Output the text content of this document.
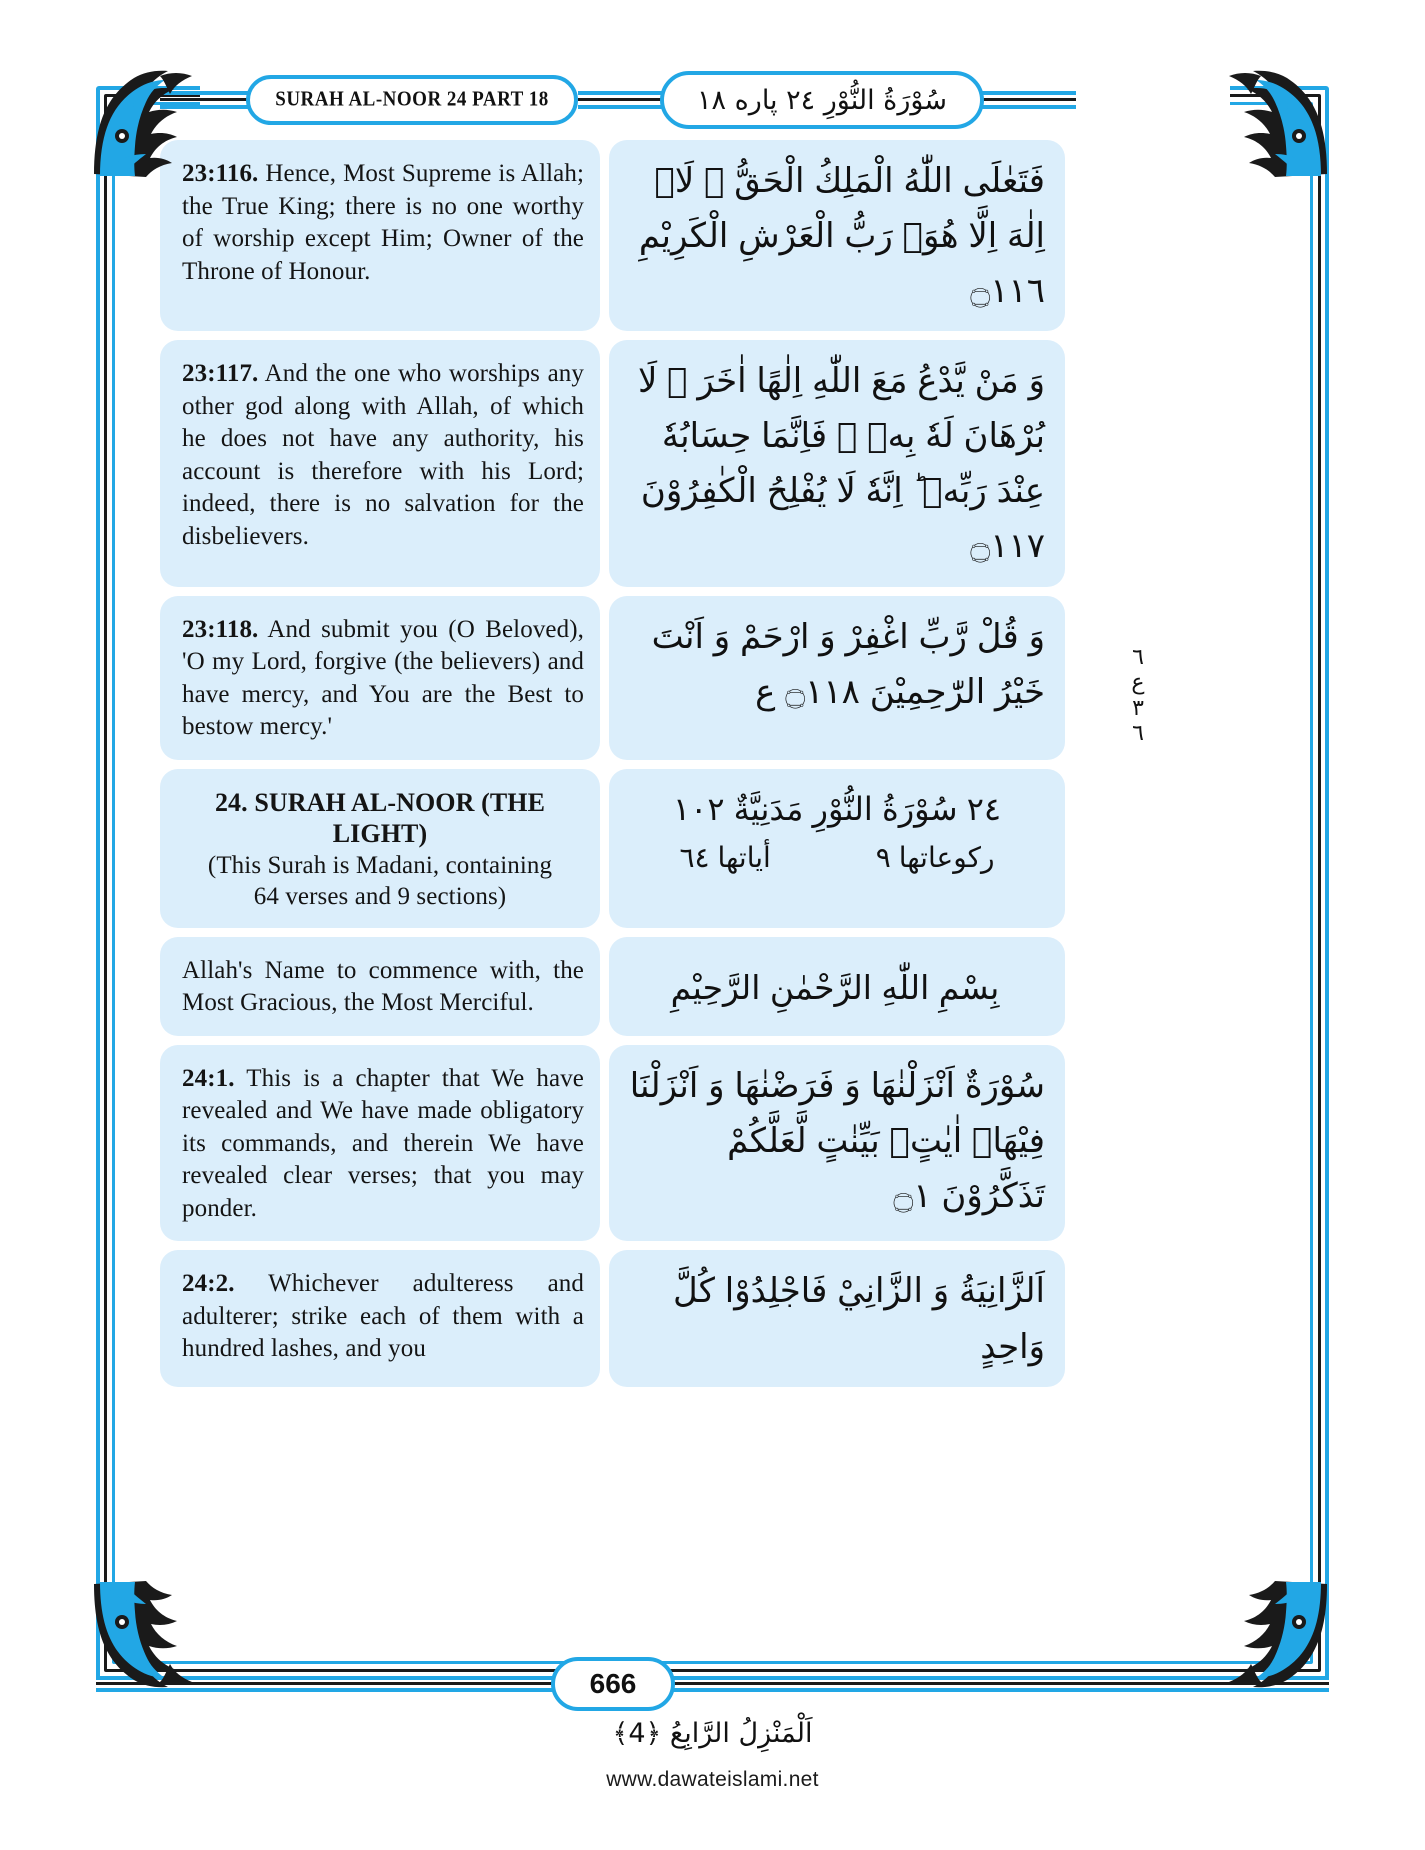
SURAH AL-NOOR 24 PART 18	سُوْرَةُ النُّوْرِ ٢٤ پاره ١٨
23:116. Hence, Most Supreme is Allah; the True King; there is no one worthy of worship except Him; Owner of the Throne of Honour.
فَتَعٰلَى اللّٰهُ الْمَلِكُ الْحَقُّ ۚ لَاۤ اِلٰهَ اِلَّا هُوَۚ رَبُّ الْعَرْشِ الْكَرِيْمِ ۝١١٦
23:117. And the one who worships any other god along with Allah, of which he does not have any authority, his account is therefore with his Lord; indeed, there is no salvation for the disbelievers.
وَ مَنْ يَّدْعُ مَعَ اللّٰهِ اِلٰهًا اٰخَرَ ۙ لَا بُرْهَانَ لَهٗ بِهٖ ۙ فَاِنَّمَا حِسَابُهٗ عِنْدَ رَبِّهٖ ؕ اِنَّهٗ لَا يُفْلِحُ الْكٰفِرُوْنَ ۝١١٧
23:118. And submit you (O Beloved), 'O my Lord, forgive (the believers) and have mercy, and You are the Best to bestow mercy.'
وَ قُلْ رَّبِّ اغْفِرْ وَ ارْحَمْ وَ اَنْتَ خَيْرُ الرّٰحِمِيْنَ ۝١١٨ ع
24. SURAH AL-NOOR (THE
LIGHT)
(This Surah is Madani, containing
64 verses and 9 sections)
٢٤ سُوْرَةُ النُّوْرِ مَدَنِيَّةٌ ١٠٢
ركوعاتها ٩
أياتها ٦٤
Allah's Name to commence with, the Most Gracious, the Most Merciful.	بِسْمِ اللّٰهِ الرَّحْمٰنِ الرَّحِيْمِ
24:1. This is a chapter that We have revealed and We have made obligatory its commands, and therein We have revealed clear verses; that you may ponder.
سُوْرَةٌ اَنْزَلْنٰهَا وَ فَرَضْنٰهَا وَ اَنْزَلْنَا فِيْهَاۤ اٰيٰتٍۭ بَيِّنٰتٍ لَّعَلَّكُمْ تَذَكَّرُوْنَ ۝١
24:2. Whichever adulteress and adulterer; strike each of them with a hundred lashes, and you
اَلزَّانِيَةُ وَ الزَّانِيْ فَاجْلِدُوْا كُلَّ وَاحِدٍ
٦
ع
٣
٦
666
اَلْمَنْزِلُ الرَّابِعُ ﴿4﴾
www.dawateislami.net
